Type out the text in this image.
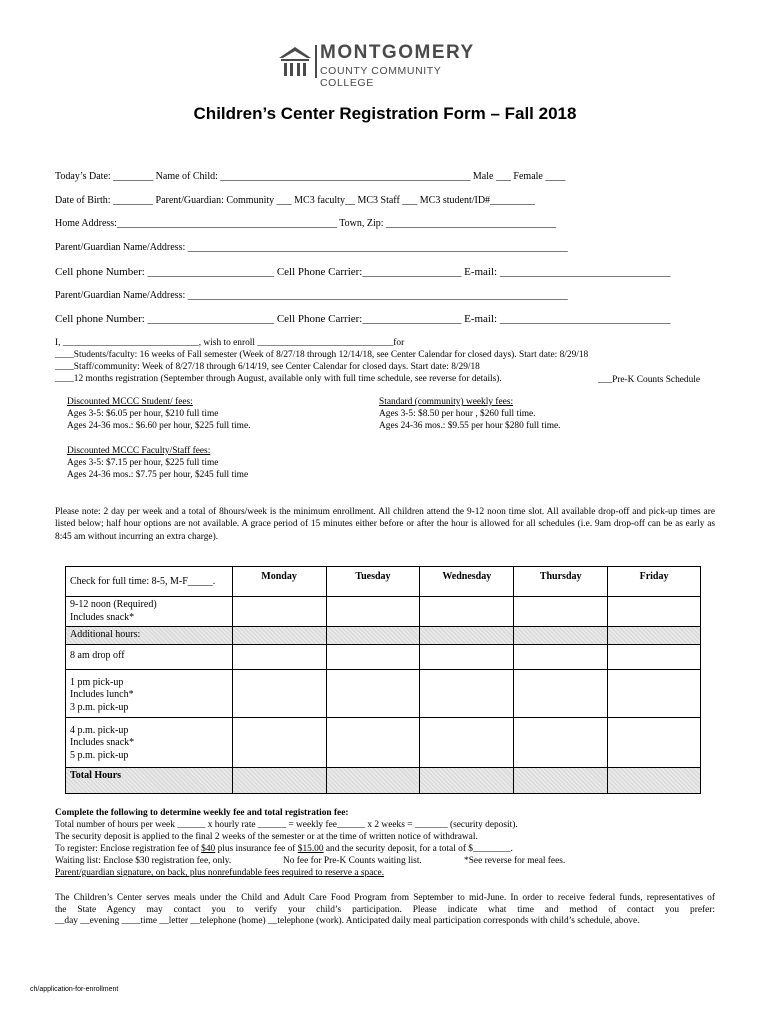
MONTGOMERY
COUNTY COMMUNITY COLLEGE
Children’s Center Registration Form – Fall 2018
Today’s Date: ________ Name of Child: __________________________________________________ Male ___ Female ____
Date of Birth: ________ Parent/Guardian: Community ___ MC3 faculty__ MC3 Staff ___ MC3 student/ID#_________
Home Address:____________________________________________ Town, Zip: __________________________________
Parent/Guardian Name/Address: ____________________________________________________________________________
Cell phone Number: _______________________ Cell Phone Carrier:__________________ E-mail: _______________________________
Parent/Guardian Name/Address: ____________________________________________________________________________
Cell phone Number: _______________________ Cell Phone Carrier:__________________ E-mail: _______________________________
I, _____________________________, wish to enroll _____________________________for
____Students/faculty: 16 weeks of Fall semester (Week of 8/27/18 through 12/14/18, see Center Calendar for closed days). Start date: 8/29/18
____Staff/community: Week of 8/27/18 through 6/14/19, see Center Calendar for closed days. Start date: 8/29/18
____12 months registration (September through August, available only with full time schedule, see reverse for details).	___Pre-K Counts Schedule
Discounted MCCC Student/ fees:
Ages 3-5: $6.05 per hour, $210 full time
Ages 24-36 mos.: $6.60 per hour, $225 full time.
Standard (community) weekly fees:
Ages 3-5: $8.50 per hour , $260 full time.
Ages 24-36 mos.: $9.55 per hour $280 full time.
Discounted MCCC Faculty/Staff fees:
Ages 3-5: $7.15 per hour, $225 full time
Ages 24-36 mos.: $7.75 per hour, $245 full time
Please note: 2 day per week and a total of 8hours/week is the minimum enrollment. All children attend the 9-12 noon time slot. All available drop-off and pick-up times are listed below; half hour options are not available. A grace period of 15 minutes either before or after the hour is allowed for all schedules (i.e. 9am drop-off can be as early as 8:45 am without incurring an extra charge).
Check for full time: 8-5, M-F_____.	Monday	Tuesday	Wednesday	Thursday	Friday

9-12 noon (Required)
Includes snack*					

Additional hours:					
8 am drop off					

1 pm pick-up
Includes lunch*
3 p.m. pick-up					

4 p.m. pick-up
Includes snack*
5 p.m. pick-up					

Total Hours					
Complete the following to determine weekly fee and total registration fee:
Total number of hours per week ______ x hourly rate ______ = weekly fee______ x 2 weeks = _______ (security deposit).
The security deposit is applied to the final 2 weeks of the semester or at the time of written notice of withdrawal.
To register: Enclose registration fee of $40 plus insurance fee of $15.00 and the security deposit, for a total of $________.
Waiting list: Enclose $30 registration fee, only.	No fee for Pre-K Counts waiting list.	*See reverse for meal fees.
Parent/guardian signature, on back, plus nonrefundable fees required to reserve a space.
The Children’s Center serves meals under the Child and Adult Care Food Program from September to mid-June. In order to receive federal funds, representatives of
the State Agency may contact you to verify your child’s participation. Please indicate what time and method of contact you prefer:
__day __evening ____time __letter __telephone (home) __telephone (work). Anticipated daily meal participation corresponds with child’s schedule, above.
ch/application-for-enrollment
